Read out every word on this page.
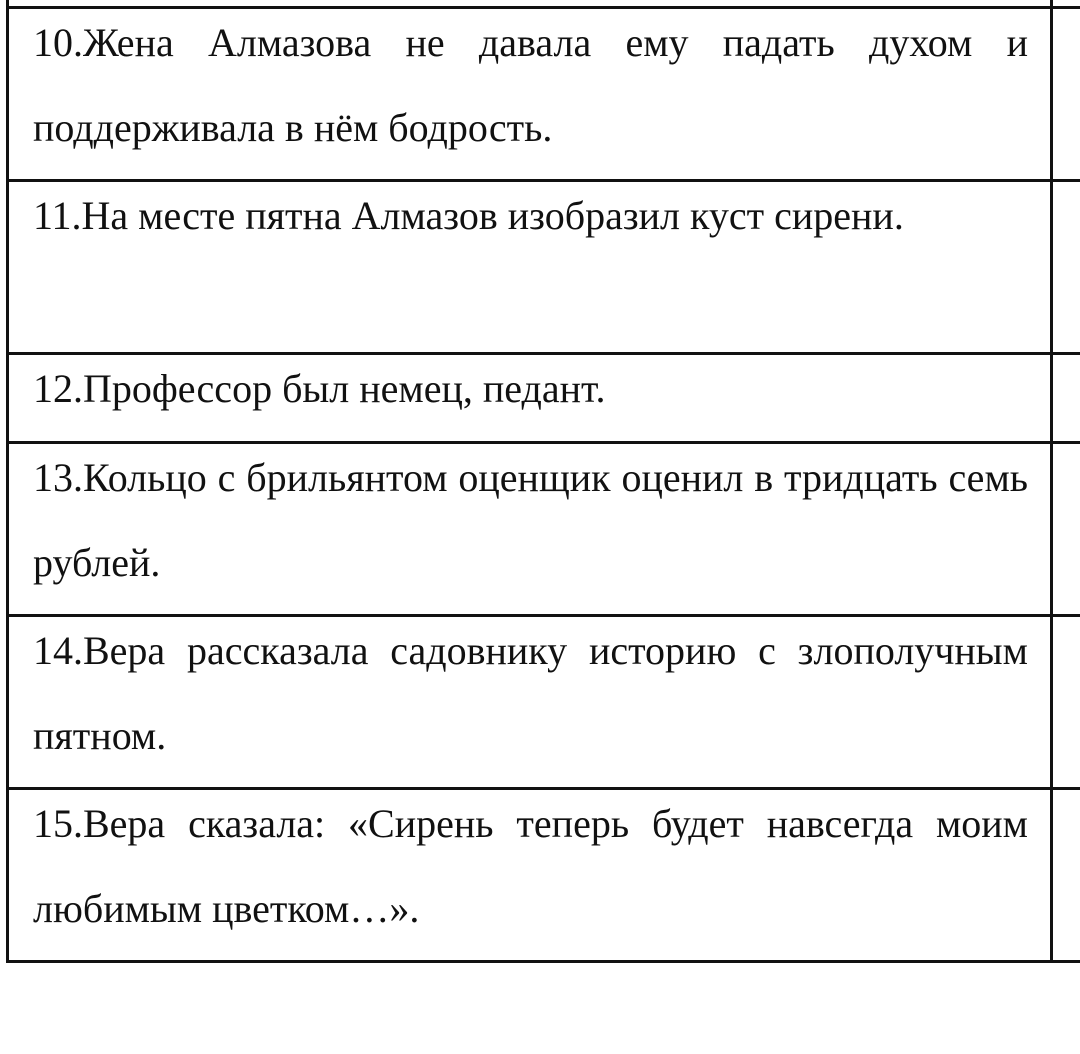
10.Жена Алмазова не давала ему падать духом и поддерживала в нём бодрость.	

11.На месте пятна Алмазов изобразил куст сирени.	

12.Профессор был немец, педант.	

13.Кольцо с брильянтом оценщик оценил в тридцать семь рублей.	

14.Вера рассказала садовнику историю с злополучным пятном.	

15.Вера сказала: «Сирень теперь будет навсегда моим любимым цветком…».	
